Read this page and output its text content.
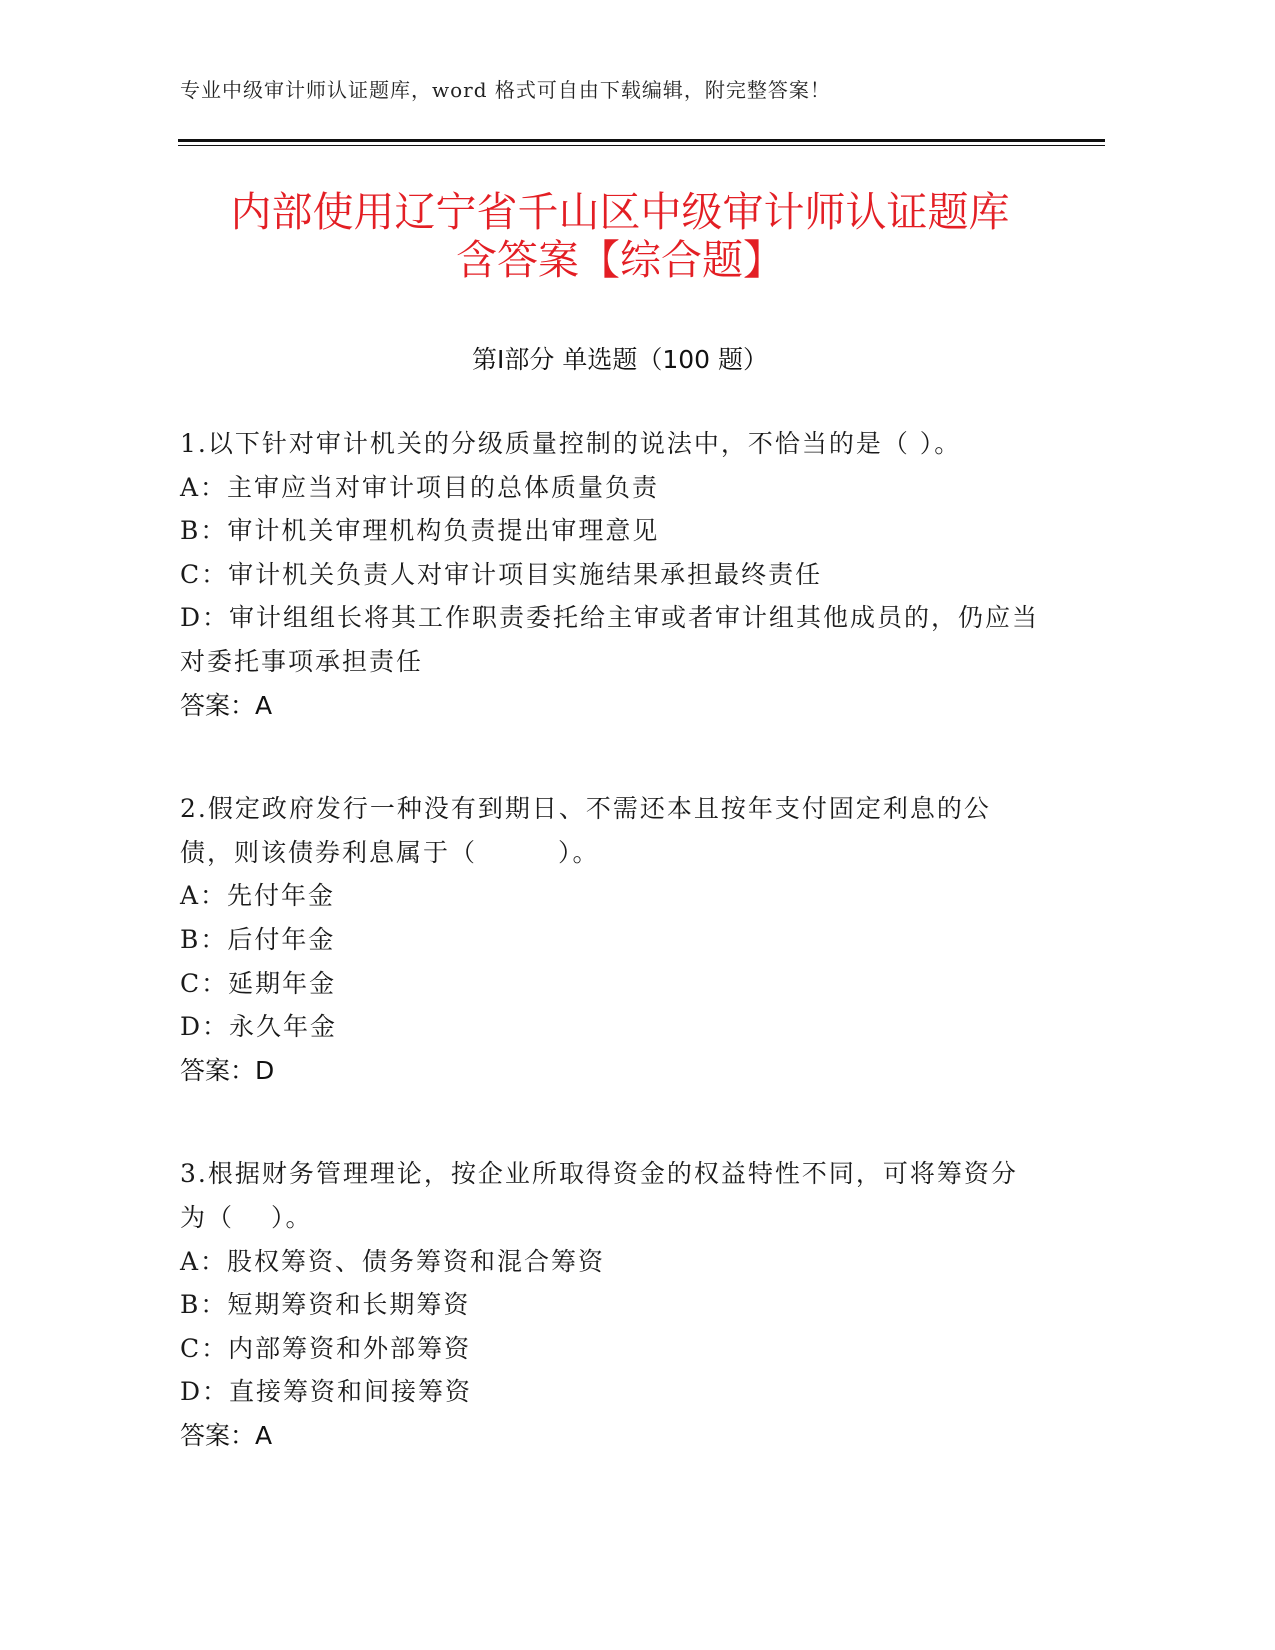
专业中级审计师认证题库，word 格式可自由下载编辑，附完整答案！
内部使用辽宁省千山区中级审计师认证题库
含答案【综合题】
第Ⅰ部分 单选题（100 题）

1.以下针对审计机关的分级质量控制的说法中，不恰当的是（ ）。

A：主审应当对审计项目的总体质量负责

B：审计机关审理机构负责提出审理意见

C：审计机关负责人对审计项目实施结果承担最终责任

D：审计组组长将其工作职责委托给主审或者审计组其他成员的，仍应当对委托事项承担责任

答案：A

2.假定政府发行一种没有到期日、不需还本且按年支付固定利息的公债，则该债券利息属于（　　　）。

A：先付年金

B：后付年金

C：延期年金

D：永久年金

答案：D

3.根据财务管理理论，按企业所取得资金的权益特性不同，可将筹资分为（　 ）。

A：股权筹资、债务筹资和混合筹资

B：短期筹资和长期筹资

C：内部筹资和外部筹资

D：直接筹资和间接筹资

答案：A
